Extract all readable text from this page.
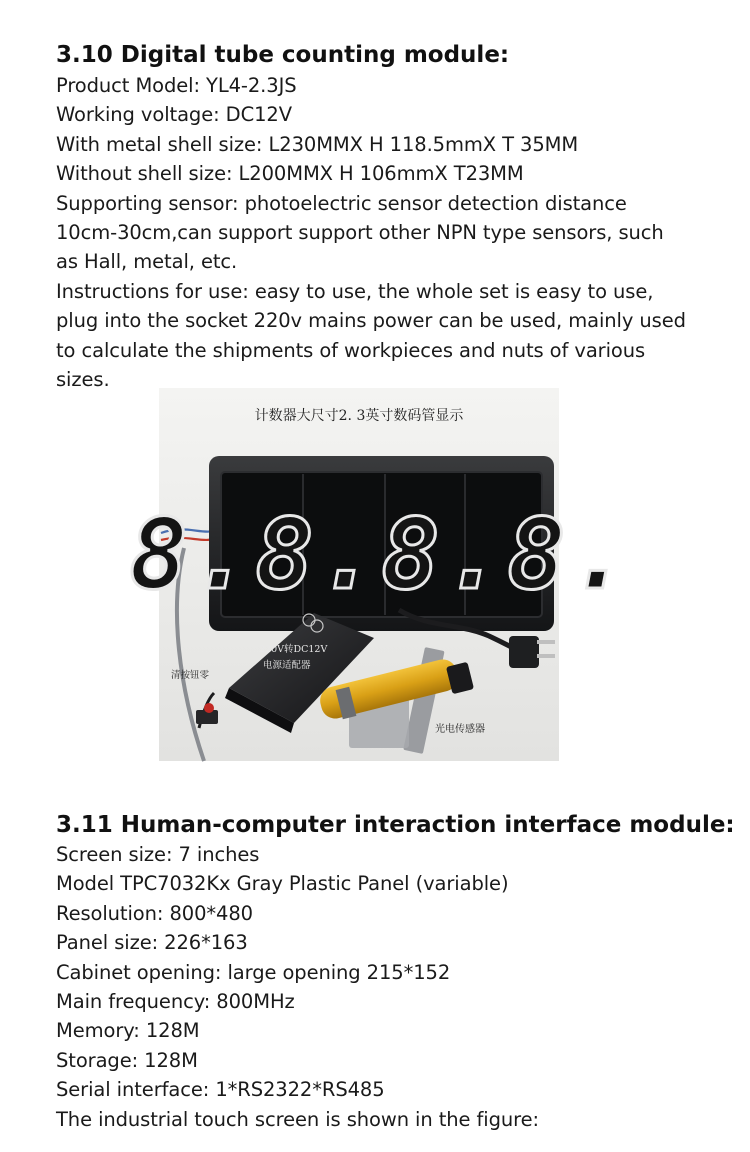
3.10 Digital tube counting module:
Product Model: YL4-2.3JS
Working voltage: DC12V
With metal shell size: L230MMX H 118.5mmX T 35MM
Without shell size: L200MMX H 106mmX T23MM
Supporting sensor: photoelectric sensor detection distance
10cm-30cm,can support support other NPN type sensors, such
as Hall, metal, etc.
Instructions for use: easy to use, the whole set is easy to use,
plug into the socket 220v mains power can be used, mainly used
to calculate the shipments of workpieces and nuts of various
sizes.
计数器大尺寸2. 3英寸数码管显示
8.8.8.8.
220V转DC12V
电源适配器
清按钮零
光电传感器
3.11 Human-computer interaction interface module:
Screen size: 7 inches
Model TPC7032Kx Gray Plastic Panel (variable)
Resolution: 800*480
Panel size: 226*163
Cabinet opening: large opening 215*152
Main frequency: 800MHz
Memory: 128M
Storage: 128M
Serial interface: 1*RS2322*RS485
The industrial touch screen is shown in the figure:
